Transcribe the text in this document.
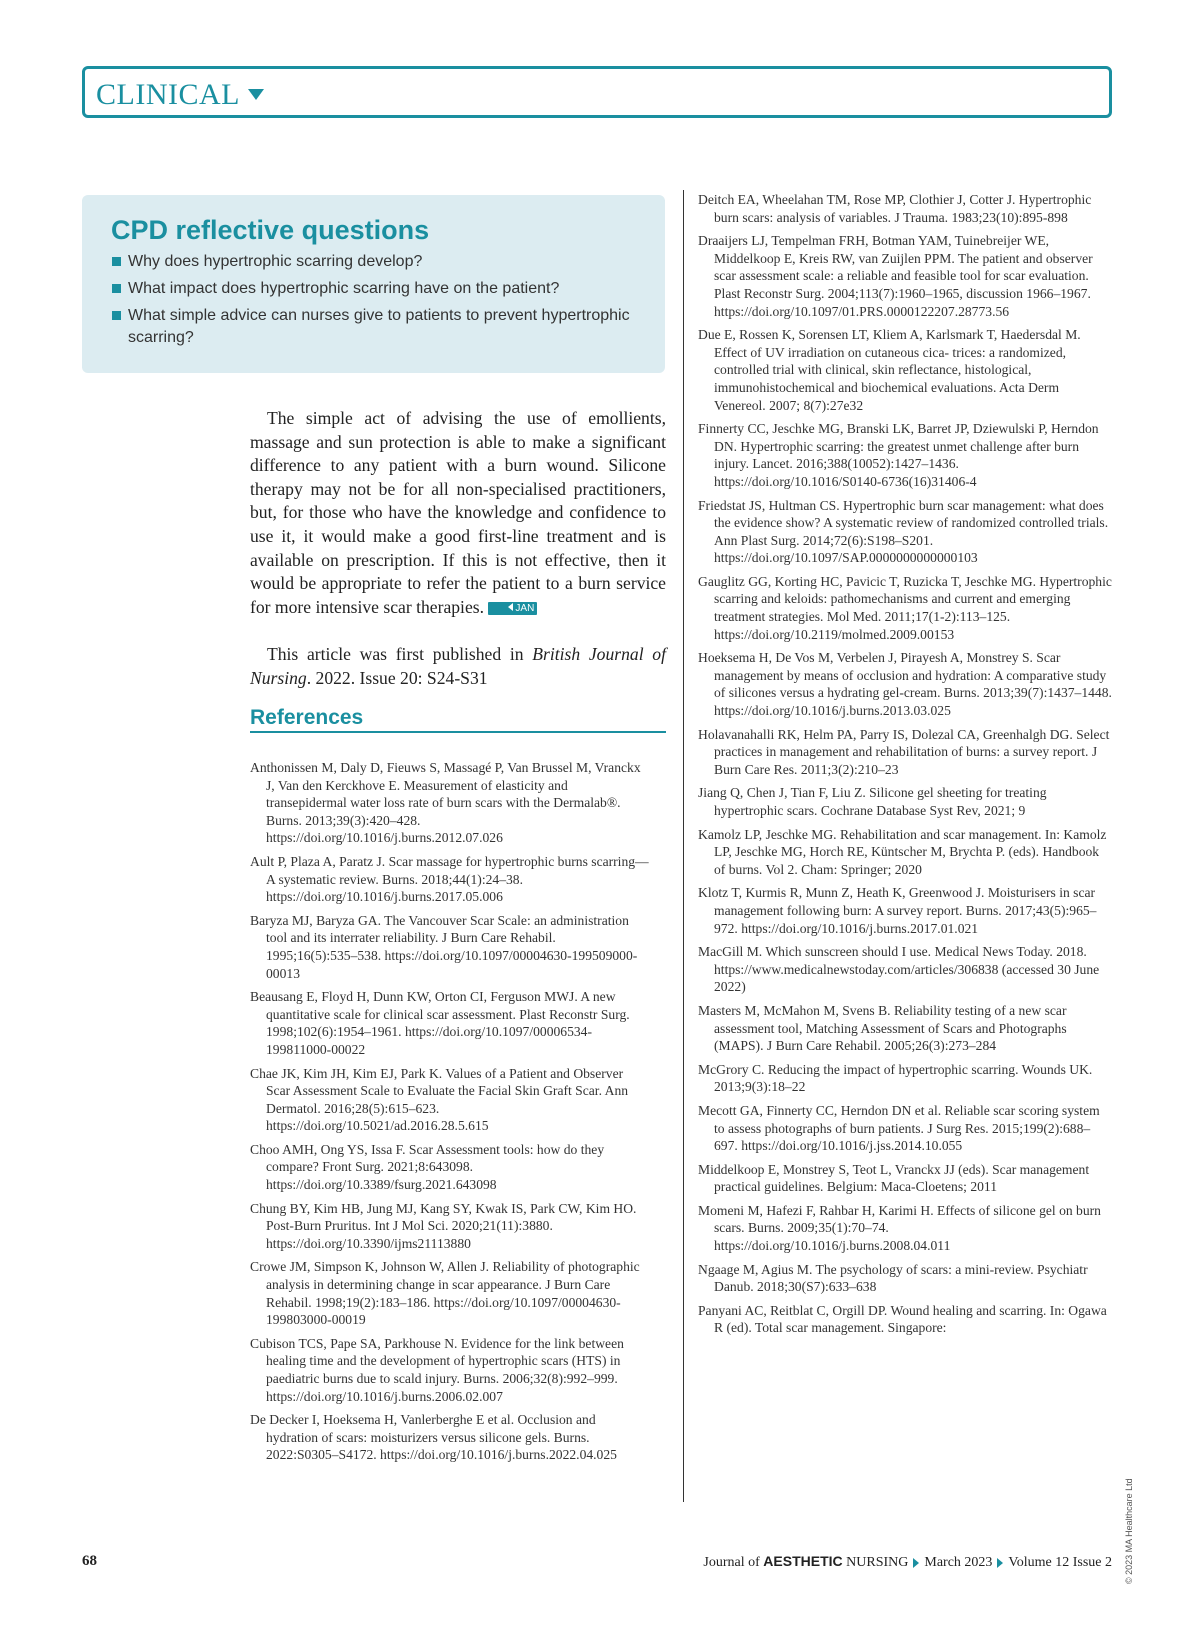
CLINICAL
CPD reflective questions
Why does hypertrophic scarring develop?
What impact does hypertrophic scarring have on the patient?
What simple advice can nurses give to patients to prevent hypertrophic scarring?

The simple act of advising the use of emollients, massage and sun protection is able to make a significant difference to any patient with a burn wound. Silicone therapy may not be for all non-specialised practitioners, but, for those who have the knowledge and confidence to use it, it would make a good first-line treatment and is available on prescription. If this is not effective, then it would be appropriate to refer the patient to a burn service for more intensive scar therapies.	JAN

This article was first published in British Journal of Nursing. 2022. Issue 20: S24-S31

References
Anthonissen M, Daly D, Fieuws S, Massagé P, Van Brussel M, Vranckx J, Van den Kerckhove E. Measurement of elasticity and transepidermal water loss rate of burn scars with the Dermalab®. Burns. 2013;39(3):420–428. https://doi.org/10.1016/j.burns.2012.07.026
Ault P, Plaza A, Paratz J. Scar massage for hypertrophic burns scarring—A systematic review. Burns. 2018;44(1):24–38. https://doi.org/10.1016/j.burns.2017.05.006
Baryza MJ, Baryza GA. The Vancouver Scar Scale: an administration tool and its interrater reliability. J Burn Care Rehabil. 1995;16(5):535–538. https://doi.org/10.1097/00004630-199509000-00013
Beausang E, Floyd H, Dunn KW, Orton CI, Ferguson MWJ. A new quantitative scale for clinical scar assessment. Plast Reconstr Surg. 1998;102(6):1954–1961. https://doi.org/10.1097/00006534-199811000-00022
Chae JK, Kim JH, Kim EJ, Park K. Values of a Patient and Observer Scar Assessment Scale to Evaluate the Facial Skin Graft Scar. Ann Dermatol. 2016;28(5):615–623. https://doi.org/10.5021/ad.2016.28.5.615
Choo AMH, Ong YS, Issa F. Scar Assessment tools: how do they compare? Front Surg. 2021;8:643098. https://doi.org/10.3389/fsurg.2021.643098
Chung BY, Kim HB, Jung MJ, Kang SY, Kwak IS, Park CW, Kim HO. Post-Burn Pruritus. Int J Mol Sci. 2020;21(11):3880. https://doi.org/10.3390/ijms21113880
Crowe JM, Simpson K, Johnson W, Allen J. Reliability of photographic analysis in determining change in scar appearance. J Burn Care Rehabil. 1998;19(2):183–186. https://doi.org/10.1097/00004630-199803000-00019
Cubison TCS, Pape SA, Parkhouse N. Evidence for the link between healing time and the development of hypertrophic scars (HTS) in paediatric burns due to scald injury. Burns. 2006;32(8):992–999. https://doi.org/10.1016/j.burns.2006.02.007
De Decker I, Hoeksema H, Vanlerberghe E et al. Occlusion and hydration of scars: moisturizers versus silicone gels. Burns. 2022:S0305–S4172. https://doi.org/10.1016/j.burns.2022.04.025
Deitch EA, Wheelahan TM, Rose MP, Clothier J, Cotter J. Hypertrophic burn scars: analysis of variables. J Trauma. 1983;23(10):895-898
Draaijers LJ, Tempelman FRH, Botman YAM, Tuinebreijer WE, Middelkoop E, Kreis RW, van Zuijlen PPM. The patient and observer scar assessment scale: a reliable and feasible tool for scar evaluation. Plast Reconstr Surg. 2004;113(7):1960–1965, discussion 1966–1967. https://doi.org/10.1097/01.PRS.0000122207.28773.56
Due E, Rossen K, Sorensen LT, Kliem A, Karlsmark T, Haedersdal M. Effect of UV irradiation on cutaneous cica- trices: a randomized, controlled trial with clinical, skin reflectance, histological, immunohistochemical and biochemical evaluations. Acta Derm Venereol. 2007; 8(7):27e32
Finnerty CC, Jeschke MG, Branski LK, Barret JP, Dziewulski P, Herndon DN. Hypertrophic scarring: the greatest unmet challenge after burn injury. Lancet. 2016;388(10052):1427–1436. https://doi.org/10.1016/S0140-6736(16)31406-4
Friedstat JS, Hultman CS. Hypertrophic burn scar management: what does the evidence show? A systematic review of randomized controlled trials. Ann Plast Surg. 2014;72(6):S198–S201. https://doi.org/10.1097/SAP.0000000000000103
Gauglitz GG, Korting HC, Pavicic T, Ruzicka T, Jeschke MG. Hypertrophic scarring and keloids: pathomechanisms and current and emerging treatment strategies. Mol Med. 2011;17(1-2):113–125. https://doi.org/10.2119/molmed.2009.00153
Hoeksema H, De Vos M, Verbelen J, Pirayesh A, Monstrey S. Scar management by means of occlusion and hydration: A comparative study of silicones versus a hydrating gel-cream. Burns. 2013;39(7):1437–1448. https://doi.org/10.1016/j.burns.2013.03.025
Holavanahalli RK, Helm PA, Parry IS, Dolezal CA, Greenhalgh DG. Select practices in management and rehabilitation of burns: a survey report. J Burn Care Res. 2011;3(2):210–23
Jiang Q, Chen J, Tian F, Liu Z. Silicone gel sheeting for treating hypertrophic scars. Cochrane Database Syst Rev, 2021; 9
Kamolz LP, Jeschke MG. Rehabilitation and scar management. In: Kamolz LP, Jeschke MG, Horch RE, Küntscher M, Brychta P. (eds). Handbook of burns. Vol 2. Cham: Springer; 2020
Klotz T, Kurmis R, Munn Z, Heath K, Greenwood J. Moisturisers in scar management following burn: A survey report. Burns. 2017;43(5):965–972. https://doi.org/10.1016/j.burns.2017.01.021
MacGill M. Which sunscreen should I use. Medical News Today. 2018. https://www.medicalnewstoday.com/articles/306838 (accessed 30 June 2022)
Masters M, McMahon M, Svens B. Reliability testing of a new scar assessment tool, Matching Assessment of Scars and Photographs (MAPS). J Burn Care Rehabil. 2005;26(3):273–284
McGrory C. Reducing the impact of hypertrophic scarring. Wounds UK. 2013;9(3):18–22
Mecott GA, Finnerty CC, Herndon DN et al. Reliable scar scoring system to assess photographs of burn patients. J Surg Res. 2015;199(2):688–697. https://doi.org/10.1016/j.jss.2014.10.055
Middelkoop E, Monstrey S, Teot L, Vranckx JJ (eds). Scar management practical guidelines. Belgium: Maca-Cloetens; 2011
Momeni M, Hafezi F, Rahbar H, Karimi H. Effects of silicone gel on burn scars. Burns. 2009;35(1):70–74. https://doi.org/10.1016/j.burns.2008.04.011
Ngaage M, Agius M. The psychology of scars: a mini-review. Psychiatr Danub. 2018;30(S7):633–638
Panyani AC, Reitblat C, Orgill DP. Wound healing and scarring. In: Ogawa R (ed). Total scar management. Singapore:
© 2023 MA Healthcare Ltd
68	Journal of AESTHETIC NURSING March 2023 Volume 12 Issue 2
